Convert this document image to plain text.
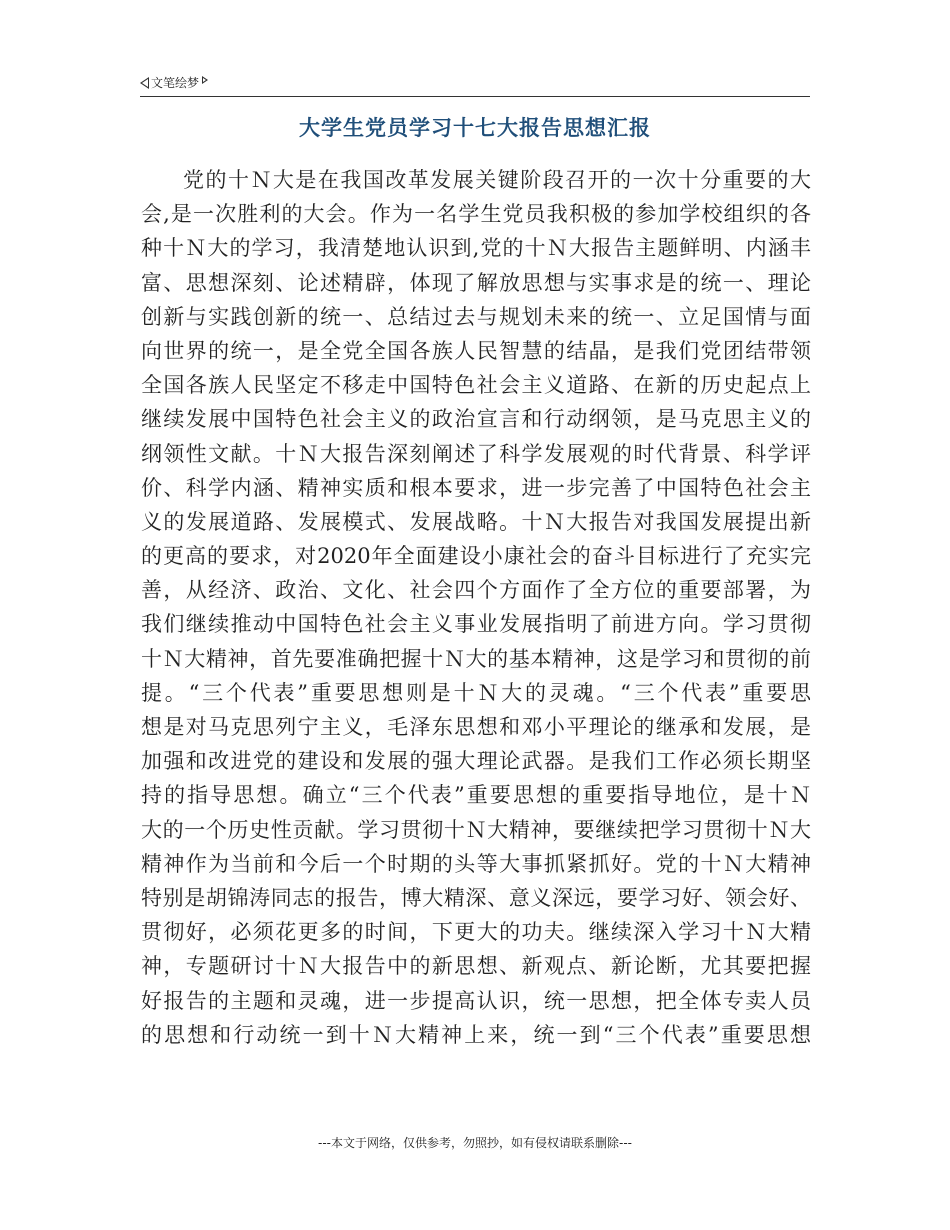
文笔绘梦
大学生党员学习十七大报告思想汇报
党的十Ｎ大是在我国改革发展关键阶段召开的一次十分重要的大
会,是一次胜利的大会。作为一名学生党员我积极的参加学校组织的各
种十Ｎ大的学习，我清楚地认识到,党的十Ｎ大报告主题鲜明、内涵丰
富、思想深刻、论述精辟，体现了解放思想与实事求是的统一、理论
创新与实践创新的统一、总结过去与规划未来的统一、立足国情与面
向世界的统一，是全党全国各族人民智慧的结晶，是我们党团结带领
全国各族人民坚定不移走中国特色社会主义道路、在新的历史起点上
继续发展中国特色社会主义的政治宣言和行动纲领，是马克思主义的
纲领性文献。十Ｎ大报告深刻阐述了科学发展观的时代背景、科学评
价、科学内涵、精神实质和根本要求，进一步完善了中国特色社会主
义的发展道路、发展模式、发展战略。十Ｎ大报告对我国发展提出新
的更高的要求，对2020年全面建设小康社会的奋斗目标进行了充实完
善，从经济、政治、文化、社会四个方面作了全方位的重要部署，为
我们继续推动中国特色社会主义事业发展指明了前进方向。学习贯彻
十Ｎ大精神，首先要准确把握十Ｎ大的基本精神，这是学习和贯彻的前
提。“三个代表”重要思想则是十Ｎ大的灵魂。“三个代表”重要思
想是对马克思列宁主义，毛泽东思想和邓小平理论的继承和发展，是
加强和改进党的建设和发展的强大理论武器。是我们工作必须长期坚
持的指导思想。确立“三个代表”重要思想的重要指导地位，是十Ｎ
大的一个历史性贡献。学习贯彻十Ｎ大精神，要继续把学习贯彻十Ｎ大
精神作为当前和今后一个时期的头等大事抓紧抓好。党的十Ｎ大精神
特别是胡锦涛同志的报告，博大精深、意义深远，要学习好、领会好、
贯彻好，必须花更多的时间，下更大的功夫。继续深入学习十Ｎ大精
神，专题研讨十Ｎ大报告中的新思想、新观点、新论断，尤其要把握
好报告的主题和灵魂，进一步提高认识，统一思想，把全体专卖人员
的思想和行动统一到十Ｎ大精神上来，统一到“三个代表”重要思想
---本文于网络，仅供参考，勿照抄，如有侵权请联系删除---
